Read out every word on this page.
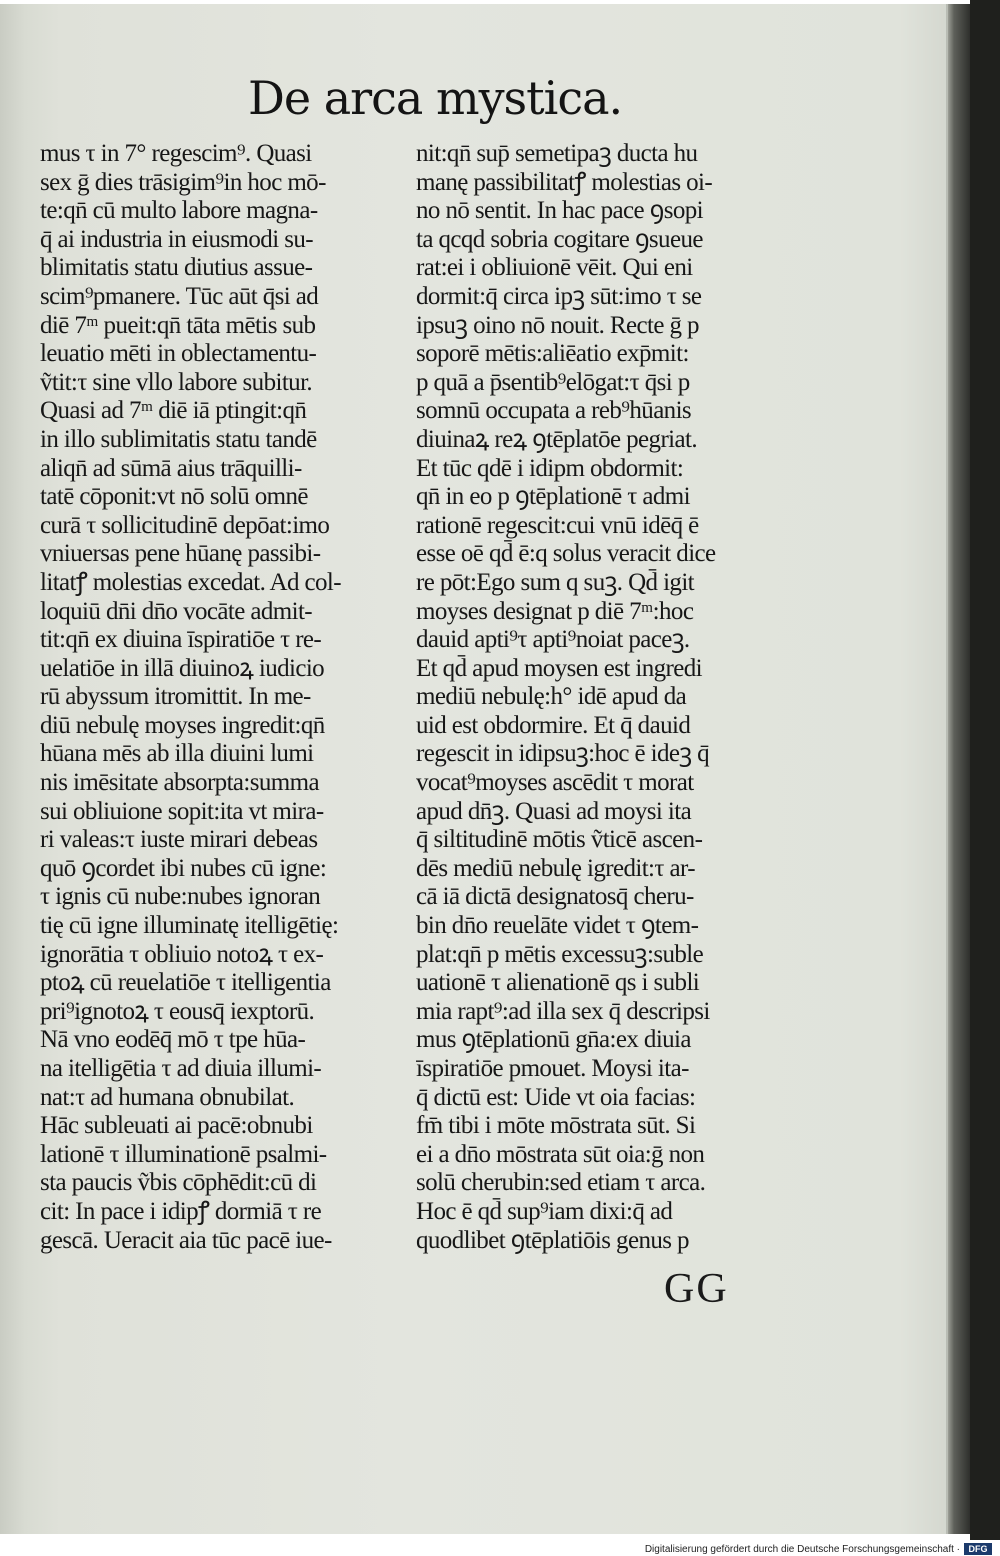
De arca mystica.
mus τ in 7° regescim⁹. Quasi
sex ḡ dies trāsigim⁹in hoc mō-
te:qn̄ cū multo labore magna-
q̄ ai industria in eiusmodi su-
blimitatis statu diutius assue-
scim⁹pmanere. Tūc aūt q̄si ad
diē 7ᵐ pueit:qn̄ tāta mētis sub
leuatio mēti in oblectamentu-
ṽtit:τ sine vllo labore subitur.
Quasi ad 7ᵐ diē iā ptingit:qn̄
in illo sublimitatis statu tandē
aliqn̄ ad sūmā aius trāquilli-
tatē cōponit:vt nō solū omnē
curā τ sollicitudinē depōat:imo
vniuersas pene hūanę passibi-
litatꝭ molestias excedat. Ad col-
loquiū dn̄i dn̄o vocāte admit-
tit:qn̄ ex diuina īspiratiōe τ re-
uelatiōe in illā diuinoꝝ iudicio
rū abyssum itromittit. In me-
diū nebulę moyses ingredit:qn̄
hūana mēs ab illa diuini lumi
nis imēsitate absorpta:summa
sui obliuione sopit:ita vt mira-
ri valeas:τ iuste mirari debeas
quō ꝯcordet ibi nubes cū igne:
τ ignis cū nube:nubes ignoran
tię cū igne illuminatę itelligētię:
ignorātia τ obliuio notoꝝ τ ex-
ptoꝝ cū reuelatiōe τ itelligentia
pri⁹ignotoꝝ τ eousq̄ iexptorū.
Nā vno eodēq̄ mō τ tpe hūa-
na itelligētia τ ad diuia illumi-
nat:τ ad humana obnubilat.
Hāc subleuati ai pacē:obnubi
lationē τ illuminationē psalmi-
sta paucis ṽbis cōphēdit:cū di
cit: In pace i idipꝭ dormiā τ re
gescā. Ueracit aia tūc pacē iue-
nit:qn̄ sup̄ semetipaꝫ ducta hu
manę passibilitatꝭ molestias oi-
no nō sentit. In hac pace ꝯsopi
ta qcqd sobria cogitare ꝯsueue
rat:ei i obliuionē vēit. Qui eni
dormit:q̄ circa ipꝫ sūt:imo τ se
ipsuꝫ oino nō nouit. Recte ḡ p
soporē mētis:aliēatio exp̄mit:
p quā a p̄sentib⁹elōgat:τ q̄si p
somnū occupata a reb⁹hūanis
diuinaꝝ reꝝ ꝯtēplatōe pegriat.
Et tūc qdē i idipm obdormit:
qn̄ in eo p ꝯtēplationē τ admi
rationē regescit:cui vnū idēq̄ ē
esse oē qd̄ ē:q solus veracit dice
re pōt:Ego sum q suꝫ. Qd̄ igit
moyses designat p diē 7ᵐ:hoc
dauid apti⁹τ apti⁹noiat paceꝫ.
Et qd̄ apud moysen est ingredi
mediū nebulę:h° idē apud da
uid est obdormire. Et q̄ dauid
regescit in idipsuꝫ:hoc ē ideꝫ q̄
vocat⁹moyses ascēdit τ morat
apud dn̄ꝫ. Quasi ad moysi ita
q̄ siltitudinē mōtis ṽticē ascen-
dēs mediū nebulę igredit:τ ar-
cā iā dictā designatosq̄ cheru-
bin dn̄o reuelāte videt τ ꝯtem-
plat:qn̄ p mētis excessuꝫ:suble
uationē τ alienationē qs i subli
mia rapt⁹:ad illa sex q̄ descripsi
mus ꝯtēplationū gn̄a:ex diuia
īspiratiōe pmouet. Moysi ita-
q̄ dictū est: Uide vt oia facias:
fm̄ tibi i mōte mōstrata sūt. Si
ei a dn̄o mōstrata sūt oia:ḡ non
solū cherubin:sed etiam τ arca.
Hoc ē qd̄ sup⁹iam dixi:q̄ ad
quodlibet ꝯtēplatiōis genus p
GG
Digitalisierung gefördert durch die Deutsche Forschungsgemeinschaft · DFG
